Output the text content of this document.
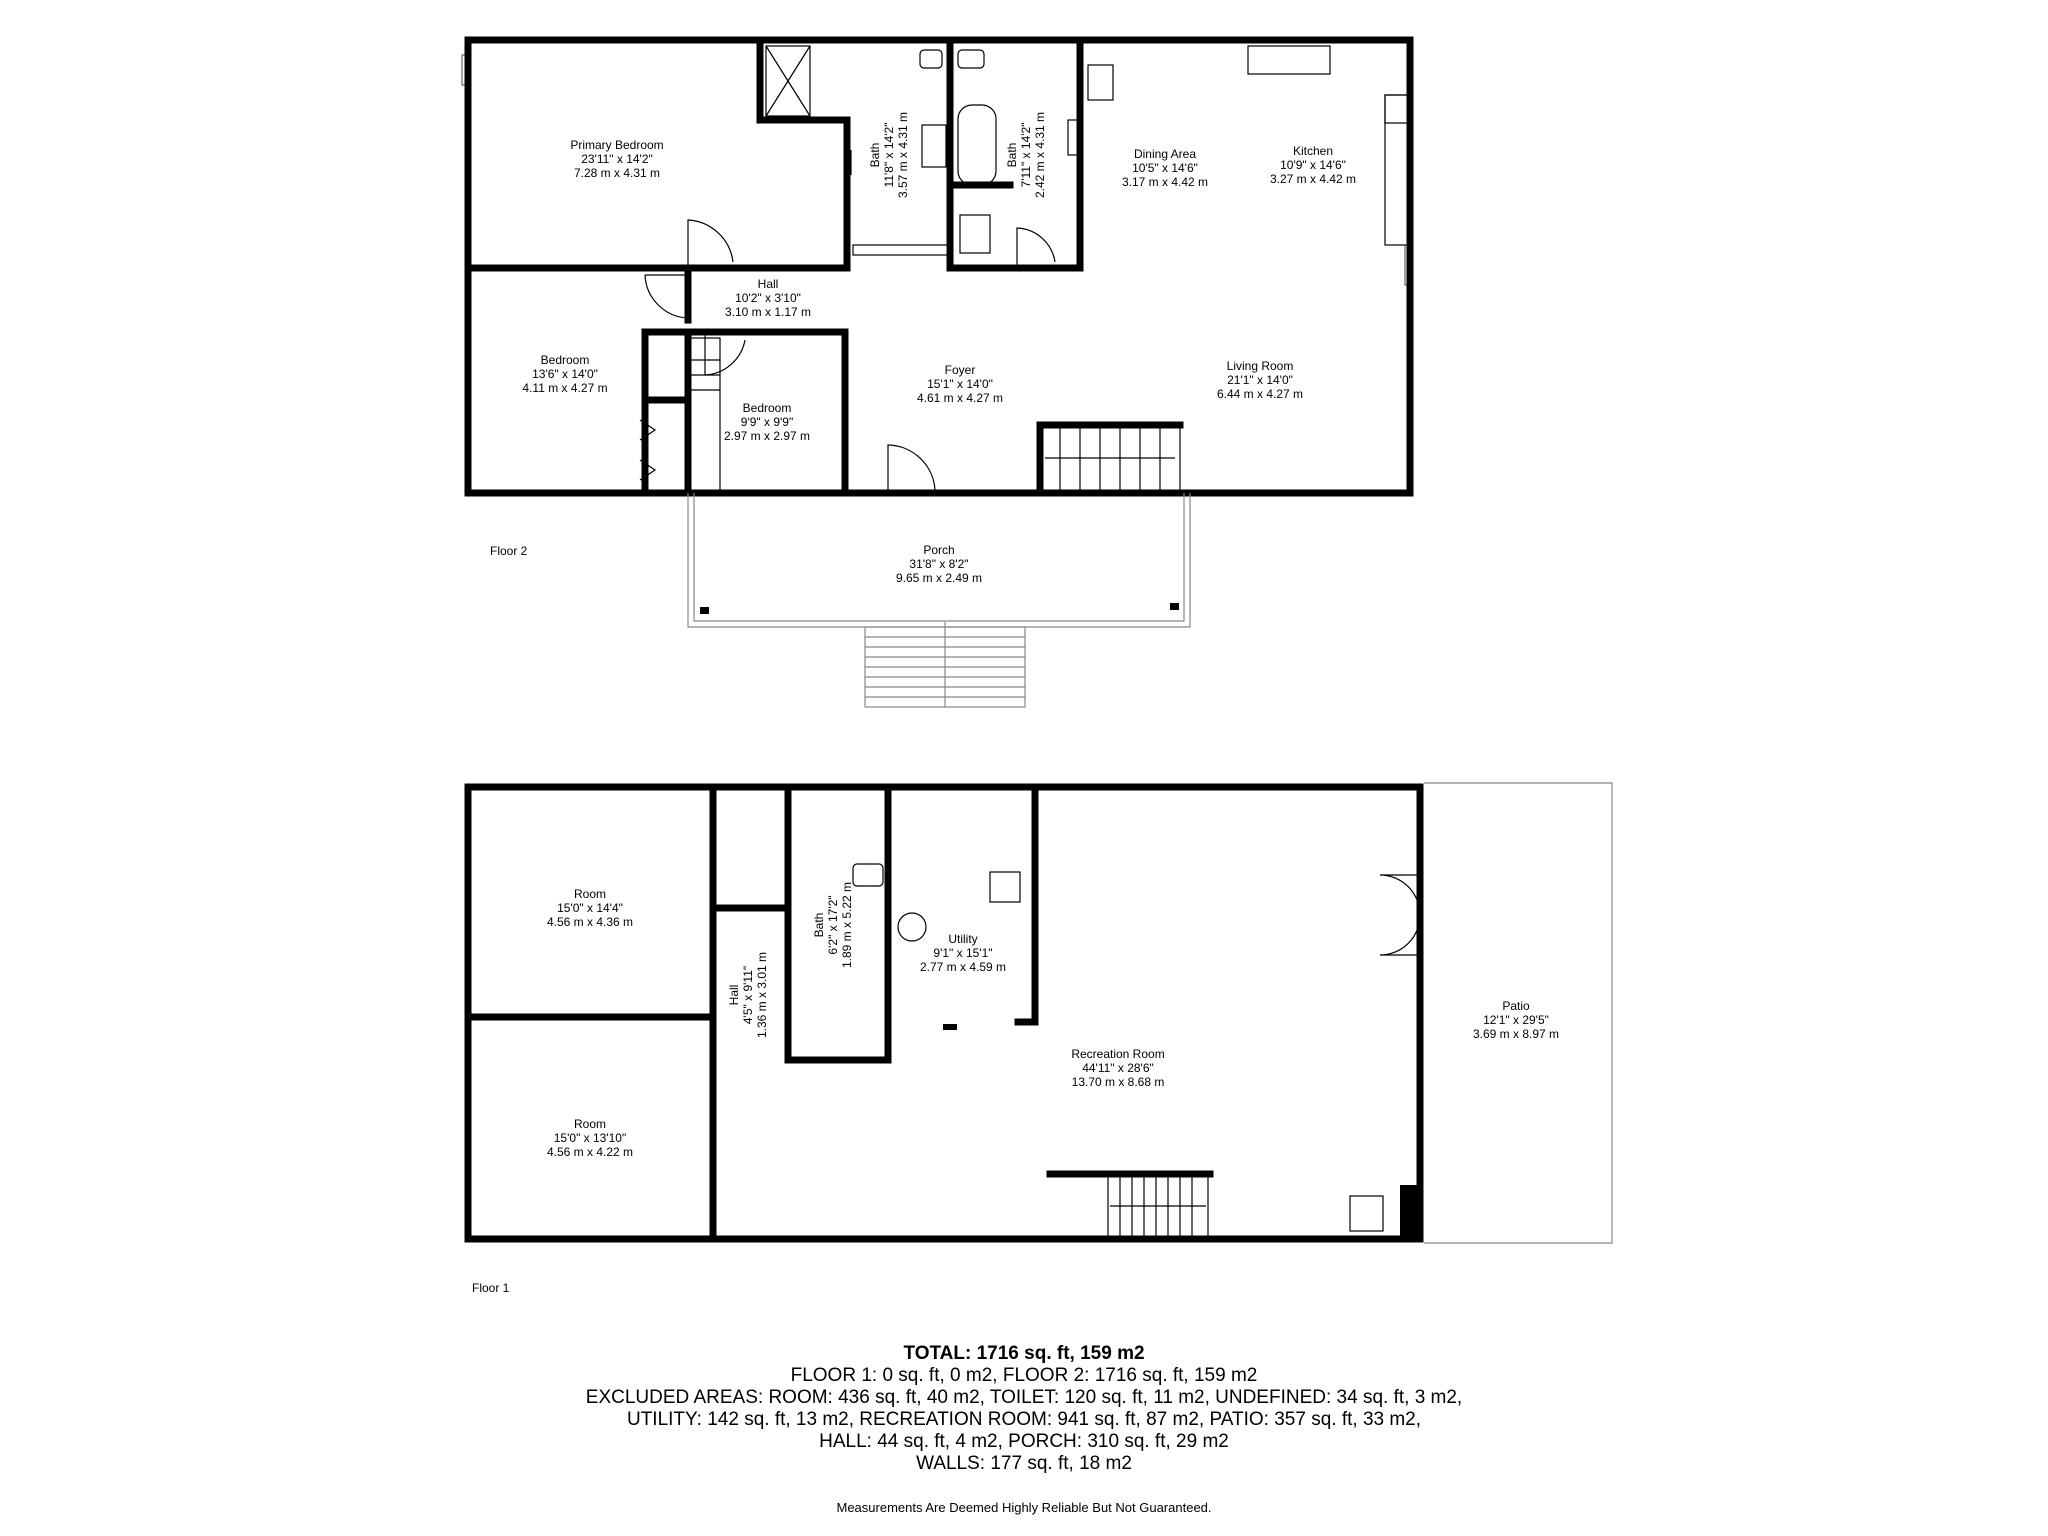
Primary Bedroom
23'11" x 14'2"
7.28 m x 4.31 m
Bath 11'8" x 14'2" 3.57 m x 4.31 m	Bath 7'11" x 14'2" 2.42 m x 4.31 m	Dining Area
10'5" x 14'6"
3.17 m x 4.42 m
Kitchen
10'9" x 14'6"
3.27 m x 4.42 m
Hall
10'2" x 3'10"
3.10 m x 1.17 m
Bedroom
13'6" x 14'0"
4.11 m x 4.27 m
Bedroom
9'9" x 9'9"
2.97 m x 2.97 m
Foyer
15'1" x 14'0"
4.61 m x 4.27 m
Living Room
21'1" x 14'0"
6.44 m x 4.27 m
Porch
31'8" x 8'2"
9.65 m x 2.49 m
Floor 2
Room
15'0" x 14'4"
4.56 m x 4.36 m
Room
15'0" x 13'10"
4.56 m x 4.22 m
Bath 6'2" x 17'2" 1.89 m x 5.22 m
Hall 4'5" x 9'11" 1.36 m x 3.01 m
Utility
9'1" x 15'1"
2.77 m x 4.59 m
Recreation Room
44'11" x 28'6"
13.70 m x 8.68 m
Patio
12'1" x 29'5"
3.69 m x 8.97 m
Floor 1
TOTAL: 1716 sq. ft, 159 m2
FLOOR 1: 0 sq. ft, 0 m2, FLOOR 2: 1716 sq. ft, 159 m2
EXCLUDED AREAS: ROOM: 436 sq. ft, 40 m2, TOILET: 120 sq. ft, 11 m2, UNDEFINED: 34 sq. ft, 3 m2,
UTILITY: 142 sq. ft, 13 m2, RECREATION ROOM: 941 sq. ft, 87 m2, PATIO: 357 sq. ft, 33 m2,
HALL: 44 sq. ft, 4 m2, PORCH: 310 sq. ft, 29 m2
WALLS: 177 sq. ft, 18 m2
Measurements Are Deemed Highly Reliable But Not Guaranteed.
